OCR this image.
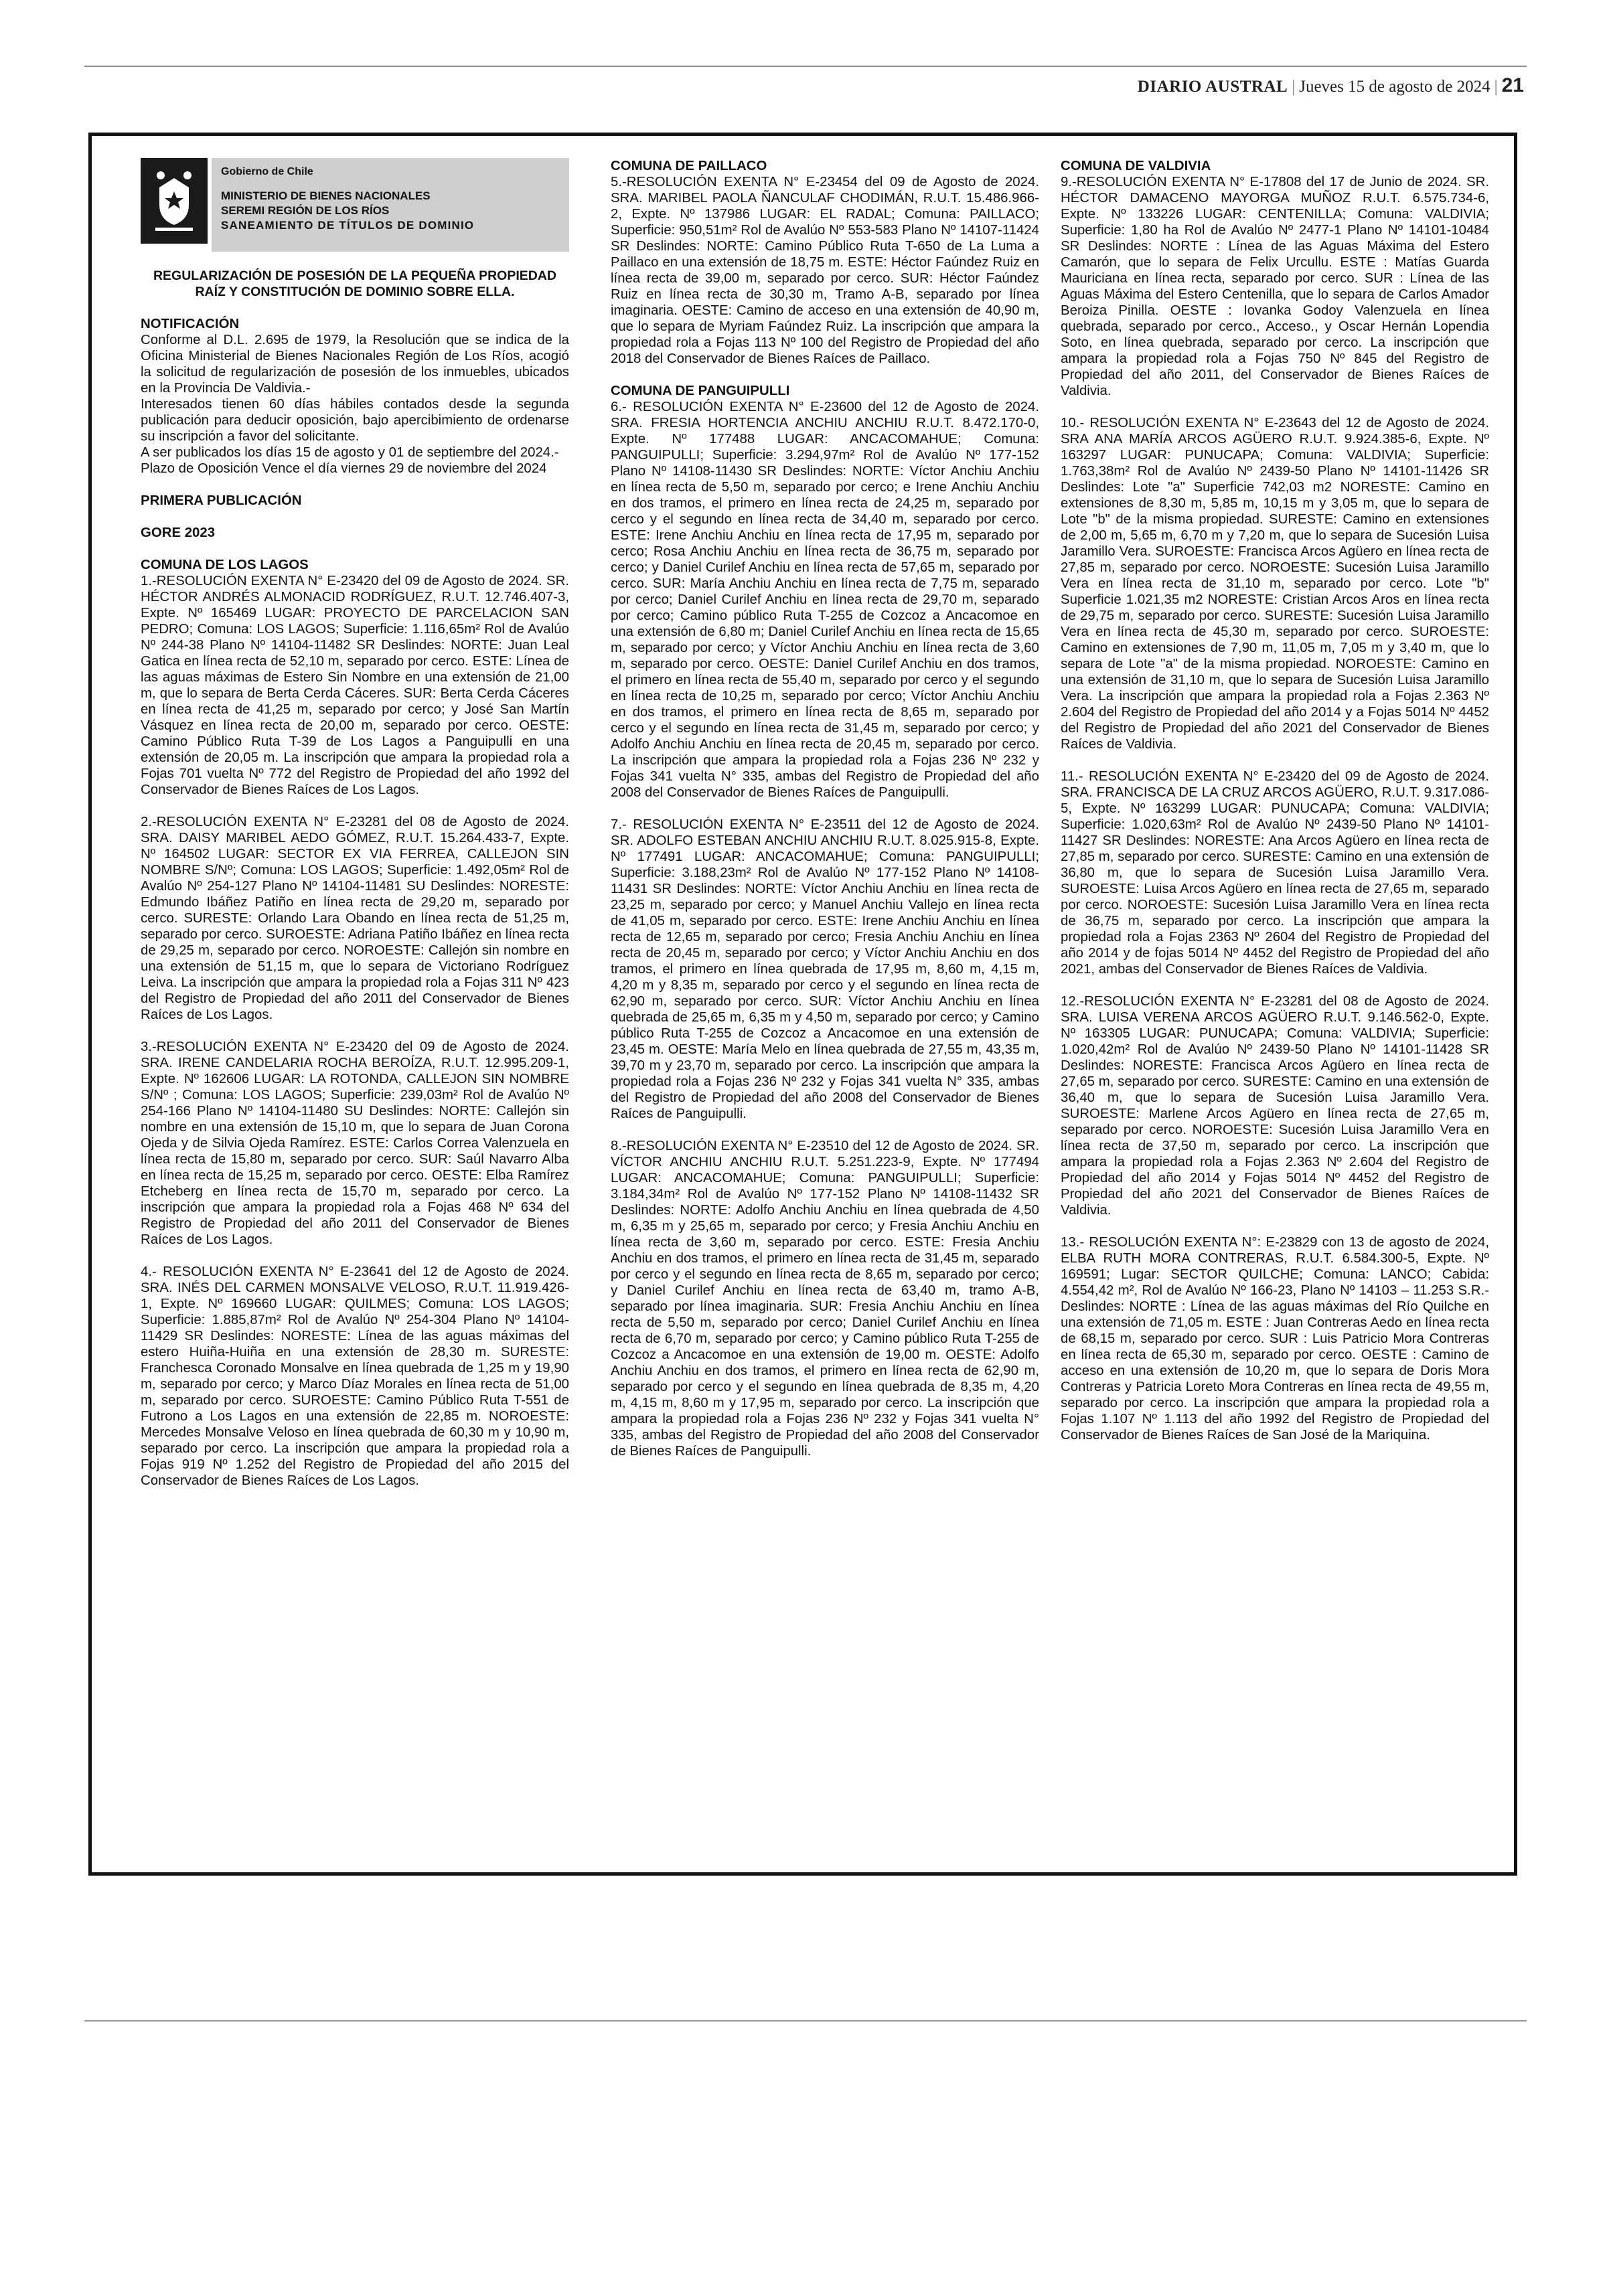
DIARIO AUSTRAL | Jueves 15 de agosto de 2024 | 21
Gobierno de Chile
MINISTERIO DE BIENES NACIONALES
SEREMI REGIÓN DE LOS RÍOS
SANEAMIENTO DE TÍTULOS DE DOMINIO
REGULARIZACIÓN DE POSESIÓN DE LA PEQUEÑA PROPIEDAD RAÍZ Y CONSTITUCIÓN DE DOMINIO SOBRE ELLA.

NOTIFICACIÓN

Conforme al D.L. 2.695 de 1979, la Resolución que se indica de la Oficina Ministerial de Bienes Nacionales Región de Los Ríos, acogió la solicitud de regularización de posesión de los inmuebles, ubicados en la Provincia De Valdivia.-

Interesados tienen 60 días hábiles contados desde la segunda publicación para deducir oposición, bajo apercibimiento de ordenarse su inscripción a favor del solicitante.

A ser publicados los días 15 de agosto y 01 de septiembre del 2024.-

Plazo de Oposición Vence el día viernes 29 de noviembre del 2024

PRIMERA PUBLICACIÓN

GORE 2023

COMUNA DE LOS LAGOS

1.-RESOLUCIÓN EXENTA N° E-23420 del 09 de Agosto de 2024. SR. HÉCTOR ANDRÉS ALMONACID RODRÍGUEZ, R.U.T. 12.746.407-3, Expte. Nº 165469 LUGAR: PROYECTO DE PARCELACION SAN PEDRO; Comuna: LOS LAGOS; Superficie: 1.116,65m² Rol de Avalúo Nº 244-38 Plano Nº 14104-11482 SR Deslindes: NORTE: Juan Leal Gatica en línea recta de 52,10 m, separado por cerco. ESTE: Línea de las aguas máximas de Estero Sin Nombre en una extensión de 21,00 m, que lo separa de Berta Cerda Cáceres. SUR: Berta Cerda Cáceres en línea recta de 41,25 m, separado por cerco; y José San Martín Vásquez en línea recta de 20,00 m, separado por cerco. OESTE: Camino Público Ruta T-39 de Los Lagos a Panguipulli en una extensión de 20,05 m. La inscripción que ampara la propiedad rola a Fojas 701 vuelta Nº 772 del Registro de Propiedad del año 1992 del Conservador de Bienes Raíces de Los Lagos.

2.-RESOLUCIÓN EXENTA N° E-23281 del 08 de Agosto de 2024. SRA. DAISY MARIBEL AEDO GÓMEZ, R.U.T. 15.264.433-7, Expte. Nº 164502 LUGAR: SECTOR EX VIA FERREA, CALLEJON SIN NOMBRE S/Nº; Comuna: LOS LAGOS; Superficie: 1.492,05m² Rol de Avalúo Nº 254-127 Plano Nº 14104-11481 SU Deslindes: NORESTE: Edmundo Ibáñez Patiño en línea recta de 29,20 m, separado por cerco. SURESTE: Orlando Lara Obando en línea recta de 51,25 m, separado por cerco. SUROESTE: Adriana Patiño Ibáñez en línea recta de 29,25 m, separado por cerco. NOROESTE: Callejón sin nombre en una extensión de 51,15 m, que lo separa de Victoriano Rodríguez Leiva. La inscripción que ampara la propiedad rola a Fojas 311 Nº 423 del Registro de Propiedad del año 2011 del Conservador de Bienes Raíces de Los Lagos.

3.-RESOLUCIÓN EXENTA N° E-23420 del 09 de Agosto de 2024. SRA. IRENE CANDELARIA ROCHA BEROÍZA, R.U.T. 12.995.209-1, Expte. Nº 162606 LUGAR: LA ROTONDA, CALLEJON SIN NOMBRE S/Nº ; Comuna: LOS LAGOS; Superficie: 239,03m² Rol de Avalúo Nº 254-166 Plano Nº 14104-11480 SU Deslindes: NORTE: Callejón sin nombre en una extensión de 15,10 m, que lo separa de Juan Corona Ojeda y de Silvia Ojeda Ramírez. ESTE: Carlos Correa Valenzuela en línea recta de 15,80 m, separado por cerco. SUR: Saúl Navarro Alba en línea recta de 15,25 m, separado por cerco. OESTE: Elba Ramírez Etcheberg en línea recta de 15,70 m, separado por cerco. La inscripción que ampara la propiedad rola a Fojas 468 Nº 634 del Registro de Propiedad del año 2011 del Conservador de Bienes Raíces de Los Lagos.

4.- RESOLUCIÓN EXENTA N° E-23641 del 12 de Agosto de 2024. SRA. INÉS DEL CARMEN MONSALVE VELOSO, R.U.T. 11.919.426-1, Expte. Nº 169660 LUGAR: QUILMES; Comuna: LOS LAGOS; Superficie: 1.885,87m² Rol de Avalúo Nº 254-304 Plano Nº 14104-11429 SR Deslindes: NORESTE: Línea de las aguas máximas del estero Huiña-Huiña en una extensión de 28,30 m. SURESTE: Franchesca Coronado Monsalve en línea quebrada de 1,25 m y 19,90 m, separado por cerco; y Marco Díaz Morales en línea recta de 51,00 m, separado por cerco. SUROESTE: Camino Público Ruta T-551 de Futrono a Los Lagos en una extensión de 22,85 m. NOROESTE: Mercedes Monsalve Veloso en línea quebrada de 60,30 m y 10,90 m, separado por cerco. La inscripción que ampara la propiedad rola a Fojas 919 Nº 1.252 del Registro de Propiedad del año 2015 del Conservador de Bienes Raíces de Los Lagos.

COMUNA DE PAILLACO

5.-RESOLUCIÓN EXENTA N° E-23454 del 09 de Agosto de 2024. SRA. MARIBEL PAOLA ÑANCULAF CHODIMÁN, R.U.T. 15.486.966-2, Expte. Nº 137986 LUGAR: EL RADAL; Comuna: PAILLACO; Superficie: 950,51m² Rol de Avalúo Nº 553-583 Plano Nº 14107-11424 SR Deslindes: NORTE: Camino Público Ruta T-650 de La Luma a Paillaco en una extensión de 18,75 m. ESTE: Héctor Faúndez Ruiz en línea recta de 39,00 m, separado por cerco. SUR: Héctor Faúndez Ruiz en línea recta de 30,30 m, Tramo A-B, separado por línea imaginaria. OESTE: Camino de acceso en una extensión de 40,90 m, que lo separa de Myriam Faúndez Ruiz. La inscripción que ampara la propiedad rola a Fojas 113 Nº 100 del Registro de Propiedad del año 2018 del Conservador de Bienes Raíces de Paillaco.

COMUNA DE PANGUIPULLI

6.- RESOLUCIÓN EXENTA N° E-23600 del 12 de Agosto de 2024. SRA. FRESIA HORTENCIA ANCHIU ANCHIU R.U.T. 8.472.170-0, Expte. Nº 177488 LUGAR: ANCACOMAHUE; Comuna: PANGUIPULLI; Superficie: 3.294,97m² Rol de Avalúo Nº 177-152 Plano Nº 14108-11430 SR Deslindes: NORTE: Víctor Anchiu Anchiu en línea recta de 5,50 m, separado por cerco; e Irene Anchiu Anchiu en dos tramos, el primero en línea recta de 24,25 m, separado por cerco y el segundo en línea recta de 34,40 m, separado por cerco. ESTE: Irene Anchiu Anchiu en línea recta de 17,95 m, separado por cerco; Rosa Anchiu Anchiu en línea recta de 36,75 m, separado por cerco; y Daniel Curilef Anchiu en línea recta de 57,65 m, separado por cerco. SUR: María Anchiu Anchiu en línea recta de 7,75 m, separado por cerco; Daniel Curilef Anchiu en línea recta de 29,70 m, separado por cerco; Camino público Ruta T-255 de Cozcoz a Ancacomoe en una extensión de 6,80 m; Daniel Curilef Anchiu en línea recta de 15,65 m, separado por cerco; y Víctor Anchiu Anchiu en línea recta de 3,60 m, separado por cerco. OESTE: Daniel Curilef Anchiu en dos tramos, el primero en línea recta de 55,40 m, separado por cerco y el segundo en línea recta de 10,25 m, separado por cerco; Víctor Anchiu Anchiu en dos tramos, el primero en línea recta de 8,65 m, separado por cerco y el segundo en línea recta de 31,45 m, separado por cerco; y Adolfo Anchiu Anchiu en línea recta de 20,45 m, separado por cerco. La inscripción que ampara la propiedad rola a Fojas 236 Nº 232 y Fojas 341 vuelta N° 335, ambas del Registro de Propiedad del año 2008 del Conservador de Bienes Raíces de Panguipulli.

7.- RESOLUCIÓN EXENTA N° E-23511 del 12 de Agosto de 2024. SR. ADOLFO ESTEBAN ANCHIU ANCHIU R.U.T. 8.025.915-8, Expte. Nº 177491 LUGAR: ANCACOMAHUE; Comuna: PANGUIPULLI; Superficie: 3.188,23m² Rol de Avalúo Nº 177-152 Plano Nº 14108-11431 SR Deslindes: NORTE: Víctor Anchiu Anchiu en línea recta de 23,25 m, separado por cerco; y Manuel Anchiu Vallejo en línea recta de 41,05 m, separado por cerco. ESTE: Irene Anchiu Anchiu en línea recta de 12,65 m, separado por cerco; Fresia Anchiu Anchiu en línea recta de 20,45 m, separado por cerco; y Víctor Anchiu Anchiu en dos tramos, el primero en línea quebrada de 17,95 m, 8,60 m, 4,15 m, 4,20 m y 8,35 m, separado por cerco y el segundo en línea recta de 62,90 m, separado por cerco. SUR: Víctor Anchiu Anchiu en línea quebrada de 25,65 m, 6,35 m y 4,50 m, separado por cerco; y Camino público Ruta T-255 de Cozcoz a Ancacomoe en una extensión de 23,45 m. OESTE: María Melo en línea quebrada de 27,55 m, 43,35 m, 39,70 m y 23,70 m, separado por cerco. La inscripción que ampara la propiedad rola a Fojas 236 Nº 232 y Fojas 341 vuelta N° 335, ambas del Registro de Propiedad del año 2008 del Conservador de Bienes Raíces de Panguipulli.

8.-RESOLUCIÓN EXENTA N° E-23510 del 12 de Agosto de 2024. SR. VÍCTOR ANCHIU ANCHIU R.U.T. 5.251.223-9, Expte. Nº 177494 LUGAR: ANCACOMAHUE; Comuna: PANGUIPULLI; Superficie: 3.184,34m² Rol de Avalúo Nº 177-152 Plano Nº 14108-11432 SR Deslindes: NORTE: Adolfo Anchiu Anchiu en línea quebrada de 4,50 m, 6,35 m y 25,65 m, separado por cerco; y Fresia Anchiu Anchiu en línea recta de 3,60 m, separado por cerco. ESTE: Fresia Anchiu Anchiu en dos tramos, el primero en línea recta de 31,45 m, separado por cerco y el segundo en línea recta de 8,65 m, separado por cerco; y Daniel Curilef Anchiu en línea recta de 63,40 m, tramo A-B, separado por línea imaginaria. SUR: Fresia Anchiu Anchiu en línea recta de 5,50 m, separado por cerco; Daniel Curilef Anchiu en línea recta de 6,70 m, separado por cerco; y Camino público Ruta T-255 de Cozcoz a Ancacomoe en una extensión de 19,00 m. OESTE: Adolfo Anchiu Anchiu en dos tramos, el primero en línea recta de 62,90 m, separado por cerco y el segundo en línea quebrada de 8,35 m, 4,20 m, 4,15 m, 8,60 m y 17,95 m, separado por cerco. La inscripción que ampara la propiedad rola a Fojas 236 Nº 232 y Fojas 341 vuelta N° 335, ambas del Registro de Propiedad del año 2008 del Conservador de Bienes Raíces de Panguipulli.

COMUNA DE VALDIVIA

9.-RESOLUCIÓN EXENTA N° E-17808 del 17 de Junio de 2024. SR. HÉCTOR DAMACENO MAYORGA MUÑOZ R.U.T. 6.575.734-6, Expte. Nº 133226 LUGAR: CENTENILLA; Comuna: VALDIVIA; Superficie: 1,80 ha Rol de Avalúo Nº 2477-1 Plano Nº 14101-10484 SR Deslindes: NORTE : Línea de las Aguas Máxima del Estero Camarón, que lo separa de Felix Urcullu. ESTE : Matías Guarda Mauriciana en línea recta, separado por cerco. SUR : Línea de las Aguas Máxima del Estero Centenilla, que lo separa de Carlos Amador Beroiza Pinilla. OESTE : Iovanka Godoy Valenzuela en línea quebrada, separado por cerco., Acceso., y Oscar Hernán Lopendia Soto, en línea quebrada, separado por cerco. La inscripción que ampara la propiedad rola a Fojas 750 Nº 845 del Registro de Propiedad del año 2011, del Conservador de Bienes Raíces de Valdivia.

10.- RESOLUCIÓN EXENTA N° E-23643 del 12 de Agosto de 2024. SRA ANA MARÍA ARCOS AGÜERO R.U.T. 9.924.385-6, Expte. Nº 163297 LUGAR: PUNUCAPA; Comuna: VALDIVIA; Superficie: 1.763,38m² Rol de Avalúo Nº 2439-50 Plano Nº 14101-11426 SR Deslindes: Lote "a" Superficie 742,03 m2 NORESTE: Camino en extensiones de 8,30 m, 5,85 m, 10,15 m y 3,05 m, que lo separa de Lote "b" de la misma propiedad. SURESTE: Camino en extensiones de 2,00 m, 5,65 m, 6,70 m y 7,20 m, que lo separa de Sucesión Luisa Jaramillo Vera. SUROESTE: Francisca Arcos Agüero en línea recta de 27,85 m, separado por cerco. NOROESTE: Sucesión Luisa Jaramillo Vera en línea recta de 31,10 m, separado por cerco. Lote "b" Superficie 1.021,35 m2 NORESTE: Cristian Arcos Aros en línea recta de 29,75 m, separado por cerco. SURESTE: Sucesión Luisa Jaramillo Vera en línea recta de 45,30 m, separado por cerco. SUROESTE: Camino en extensiones de 7,90 m, 11,05 m, 7,05 m y 3,40 m, que lo separa de Lote "a" de la misma propiedad. NOROESTE: Camino en una extensión de 31,10 m, que lo separa de Sucesión Luisa Jaramillo Vera. La inscripción que ampara la propiedad rola a Fojas 2.363 Nº 2.604 del Registro de Propiedad del año 2014 y a Fojas 5014 Nº 4452 del Registro de Propiedad del año 2021 del Conservador de Bienes Raíces de Valdivia.

11.- RESOLUCIÓN EXENTA N° E-23420 del 09 de Agosto de 2024. SRA. FRANCISCA DE LA CRUZ ARCOS AGÜERO, R.U.T. 9.317.086-5, Expte. Nº 163299 LUGAR: PUNUCAPA; Comuna: VALDIVIA; Superficie: 1.020,63m² Rol de Avalúo Nº 2439-50 Plano Nº 14101-11427 SR Deslindes: NORESTE: Ana Arcos Agüero en línea recta de 27,85 m, separado por cerco. SURESTE: Camino en una extensión de 36,80 m, que lo separa de Sucesión Luisa Jaramillo Vera. SUROESTE: Luisa Arcos Agüero en línea recta de 27,65 m, separado por cerco. NOROESTE: Sucesión Luisa Jaramillo Vera en línea recta de 36,75 m, separado por cerco. La inscripción que ampara la propiedad rola a Fojas 2363 Nº 2604 del Registro de Propiedad del año 2014 y de fojas 5014 Nº 4452 del Registro de Propiedad del año 2021, ambas del Conservador de Bienes Raíces de Valdivia.

12.-RESOLUCIÓN EXENTA N° E-23281 del 08 de Agosto de 2024. SRA. LUISA VERENA ARCOS AGÜERO R.U.T. 9.146.562-0, Expte. Nº 163305 LUGAR: PUNUCAPA; Comuna: VALDIVIA; Superficie: 1.020,42m² Rol de Avalúo Nº 2439-50 Plano Nº 14101-11428 SR Deslindes: NORESTE: Francisca Arcos Agüero en línea recta de 27,65 m, separado por cerco. SURESTE: Camino en una extensión de 36,40 m, que lo separa de Sucesión Luisa Jaramillo Vera. SUROESTE: Marlene Arcos Agüero en línea recta de 27,65 m, separado por cerco. NOROESTE: Sucesión Luisa Jaramillo Vera en línea recta de 37,50 m, separado por cerco. La inscripción que ampara la propiedad rola a Fojas 2.363 Nº 2.604 del Registro de Propiedad del año 2014 y Fojas 5014 Nº 4452 del Registro de Propiedad del año 2021 del Conservador de Bienes Raíces de Valdivia.

13.- RESOLUCIÓN EXENTA N°: E-23829 con 13 de agosto de 2024, ELBA RUTH MORA CONTRERAS, R.U.T. 6.584.300-5, Expte. Nº 169591; Lugar: SECTOR QUILCHE; Comuna: LANCO; Cabida: 4.554,42 m², Rol de Avalúo Nº 166-23, Plano Nº 14103 – 11.253 S.R.- Deslindes: NORTE : Línea de las aguas máximas del Río Quilche en una extensión de 71,05 m. ESTE : Juan Contreras Aedo en línea recta de 68,15 m, separado por cerco. SUR : Luis Patricio Mora Contreras en línea recta de 65,30 m, separado por cerco. OESTE : Camino de acceso en una extensión de 10,20 m, que lo separa de Doris Mora Contreras y Patricia Loreto Mora Contreras en línea recta de 49,55 m, separado por cerco. La inscripción que ampara la propiedad rola a Fojas 1.107 Nº 1.113 del año 1992 del Registro de Propiedad del Conservador de Bienes Raíces de San José de la Mariquina.
